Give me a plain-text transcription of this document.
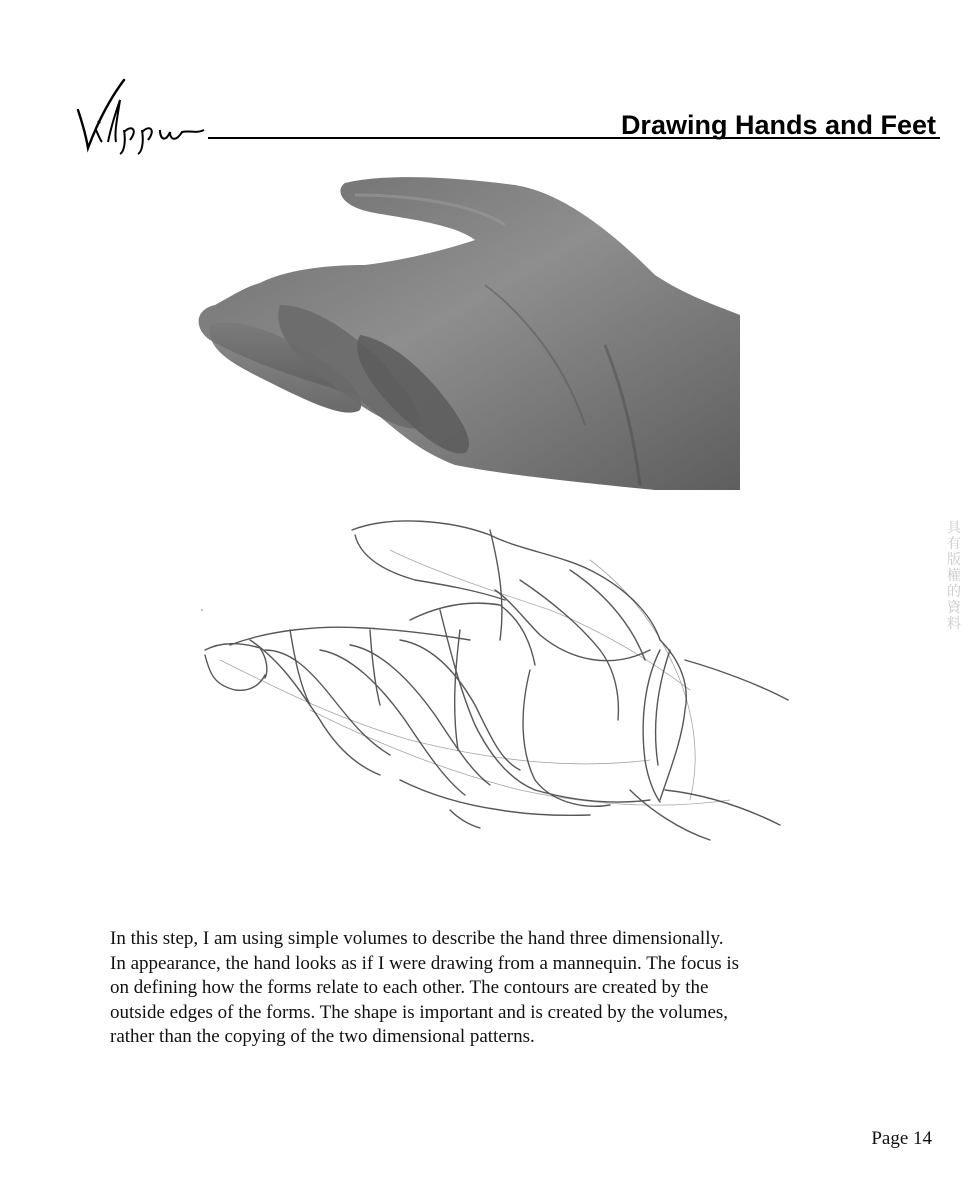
Drawing Hands and Feet
具有版權的資料

In this step, I am using simple volumes to describe the hand three dimensionally.

In appearance, the hand looks as if I were drawing from a mannequin. The focus is

on defining how the forms relate to each other. The contours are created by the

outside edges of the forms. The shape is important and is created by the volumes,

rather than the copying of the two dimensional patterns.

Page 14
